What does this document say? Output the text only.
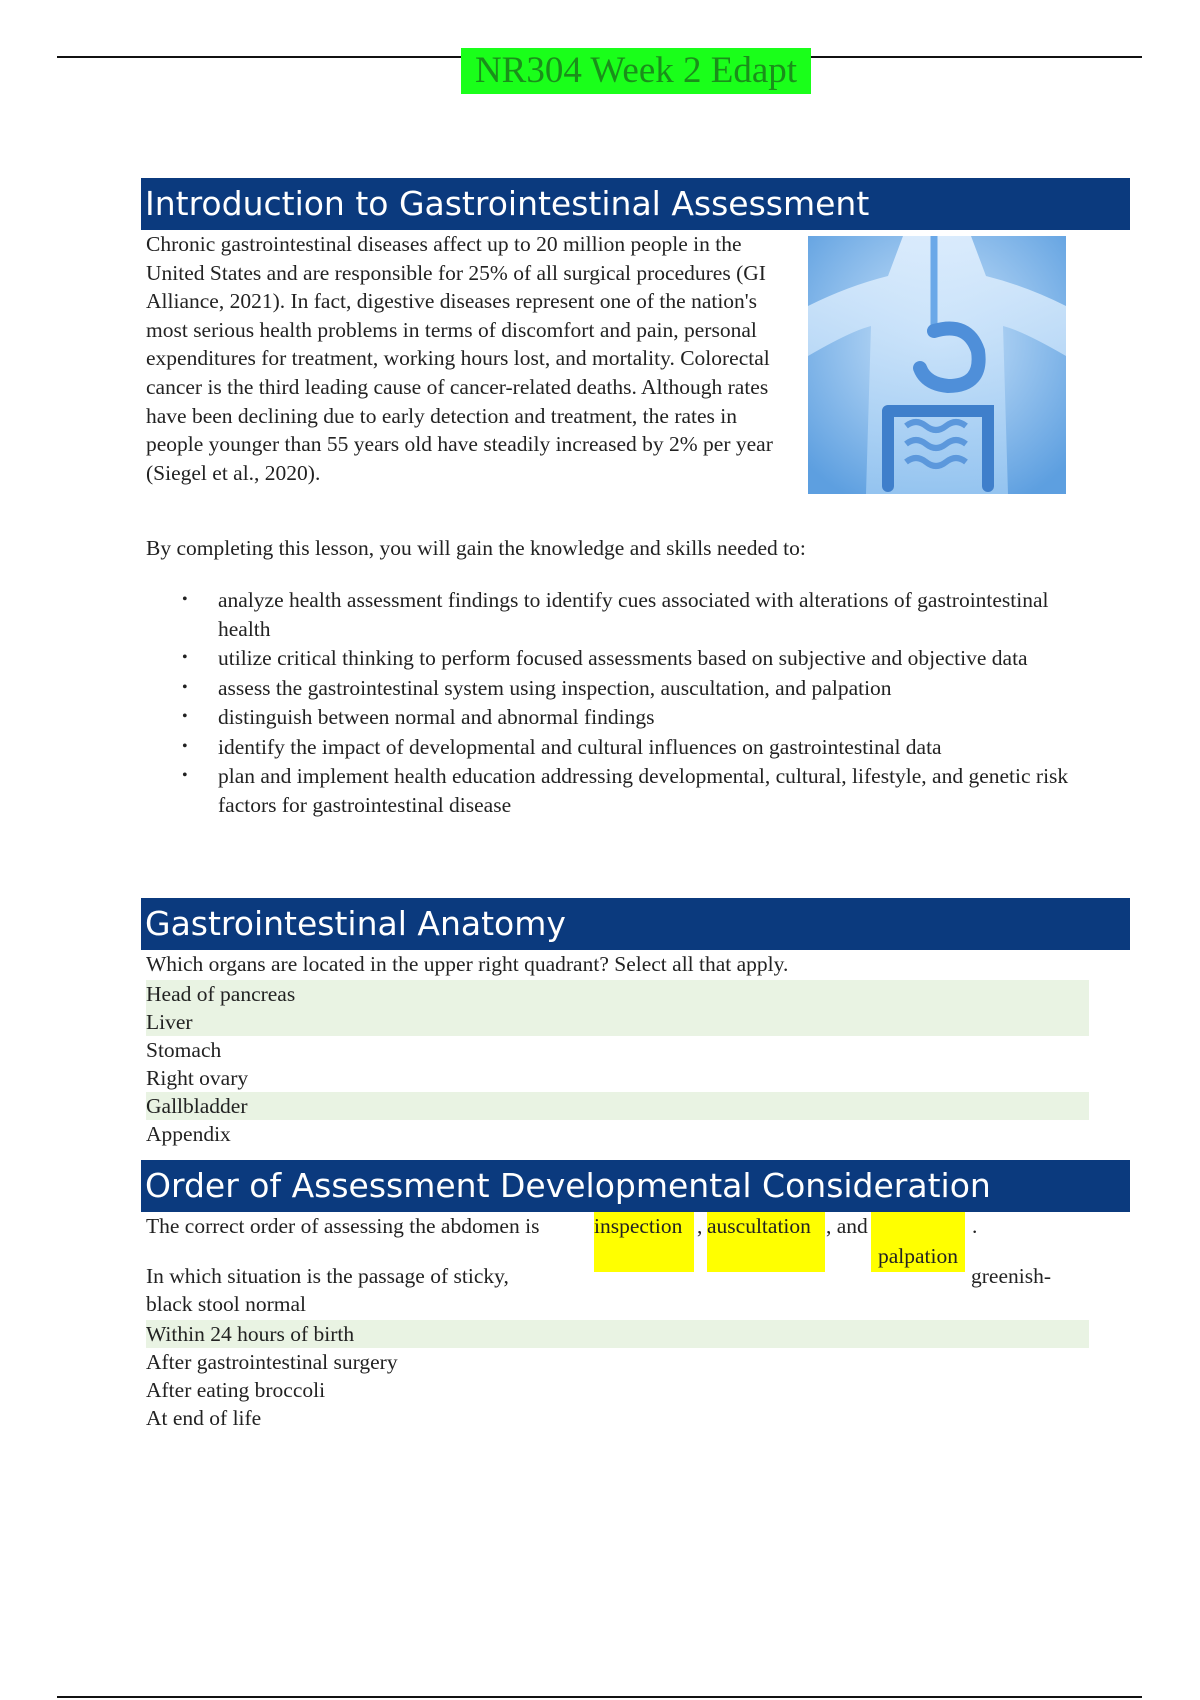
NR304 Week 2 Edapt
Introduction to Gastrointestinal Assessment

Chronic gastrointestinal diseases affect up to 20 million people in the United States and are responsible for 25% of all surgical procedures (GI Alliance, 2021). In fact, digestive diseases represent one of the nation's most serious health problems in terms of discomfort and pain, personal expenditures for treatment, working hours lost, and mortality. Colorectal cancer is the third leading cause of cancer-related deaths. Although rates have been declining due to early detection and treatment, the rates in people younger than 55 years old have steadily increased by 2% per year (Siegel et al., 2020).

By completing this lesson, you will gain the knowledge and skills needed to:

• analyze health assessment findings to identify cues associated with alterations of gastrointestinal health
• utilize critical thinking to perform focused assessments based on subjective and objective data
• assess the gastrointestinal system using inspection, auscultation, and palpation
• distinguish between normal and abnormal findings
• identify the impact of developmental and cultural influences on gastrointestinal data
• plan and implement health education addressing developmental, cultural, lifestyle, and genetic risk factors for gastrointestinal disease
Gastrointestinal Anatomy

Which organs are located in the upper right quadrant? Select all that apply.

Head of pancreas
Liver
Stomach
Right ovary
Gallbladder
Appendix
Order of Assessment Developmental Consideration
The correct order of assessing the abdomen is	inspection , auscultation , and
palpation
.
In which situation is the passage of sticky,	greenish-
black stool normal
Within 24 hours of birth
After gastrointestinal surgery
After eating broccoli
At end of life
